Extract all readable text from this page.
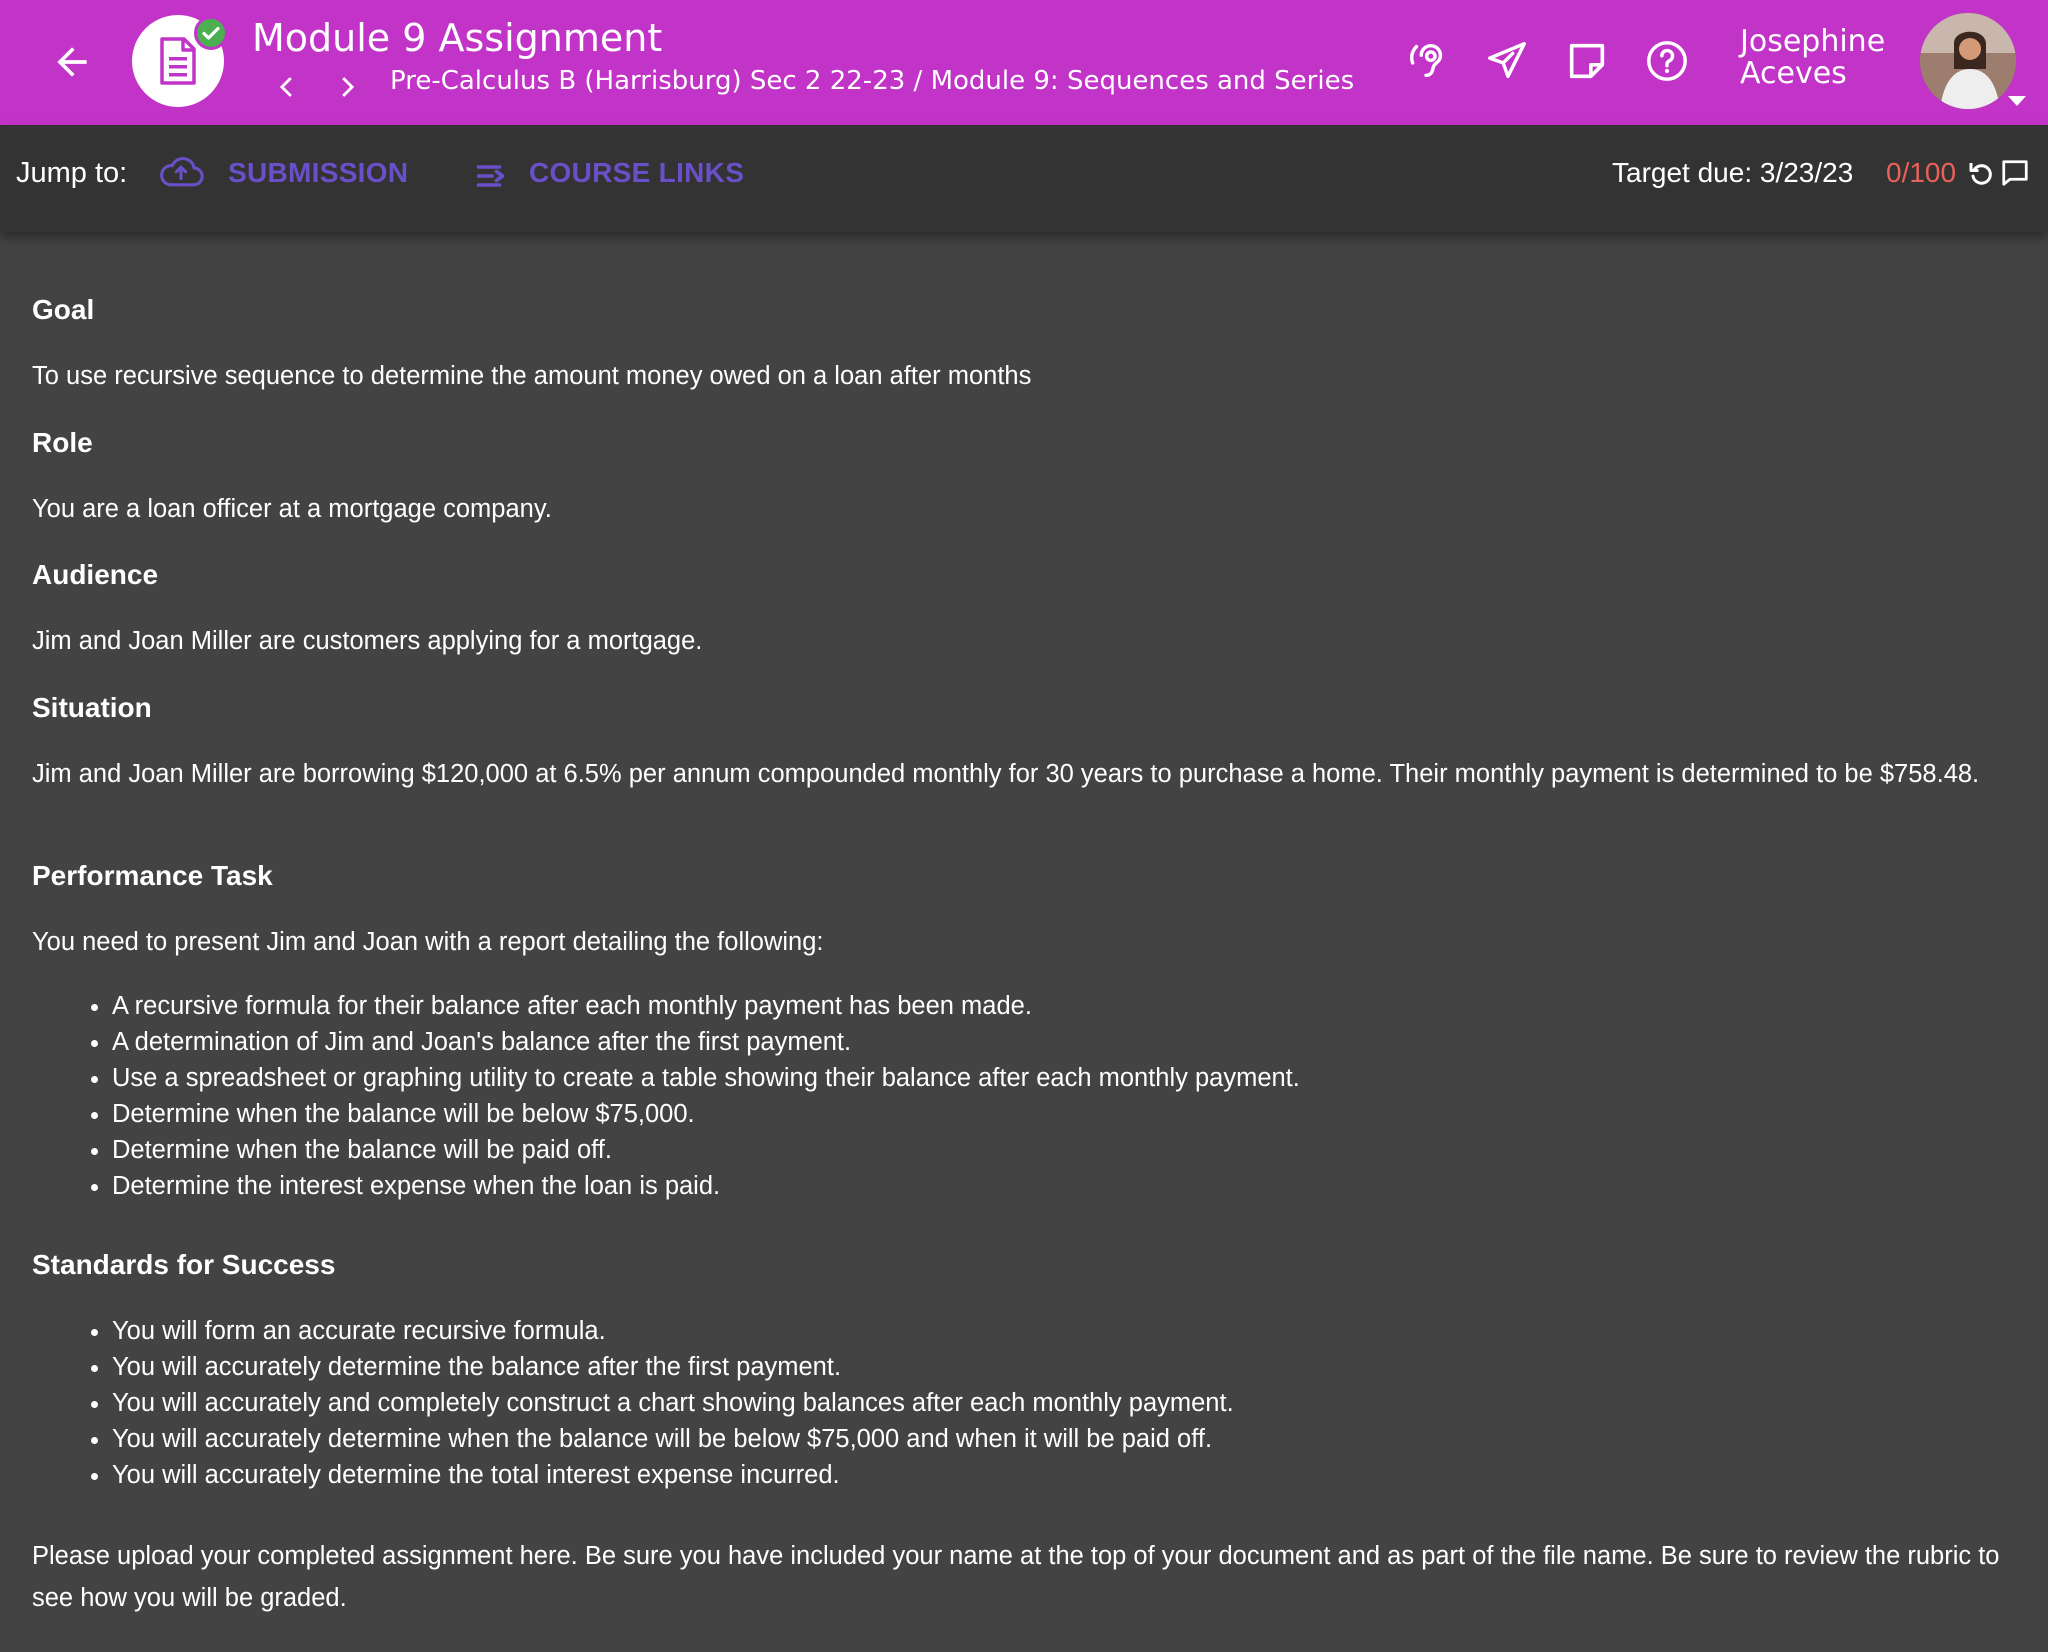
Module 9 Assignment
Pre-Calculus B (Harrisburg) Sec 2 22-23 / Module 9: Sequences and Series
Josephine
Aceves
Jump to:	SUBMISSION	COURSE LINKS	Target due: 3/23/23 0/100
Goal

To use recursive sequence to determine the amount money owed on a loan after months

Role

You are a loan officer at a mortgage company.

Audience

Jim and Joan Miller are customers applying for a mortgage.

Situation

Jim and Joan Miller are borrowing $120,000 at 6.5% per annum compounded monthly for 30 years to purchase a home. Their monthly payment is determined to be $758.48.

Performance Task

You need to present Jim and Joan with a report detailing the following:

• A recursive formula for their balance after each monthly payment has been made.
• A determination of Jim and Joan's balance after the first payment.
• Use a spreadsheet or graphing utility to create a table showing their balance after each monthly payment.
• Determine when the balance will be below $75,000.
• Determine when the balance will be paid off.
• Determine the interest expense when the loan is paid.
Standards for Success
• You will form an accurate recursive formula.
• You will accurately determine the balance after the first payment.
• You will accurately and completely construct a chart showing balances after each monthly payment.
• You will accurately determine when the balance will be below $75,000 and when it will be paid off.
• You will accurately determine the total interest expense incurred.

Please upload your completed assignment here. Be sure you have included your name at the top of your document and as part of the file name. Be sure to review the rubric to see how you will be graded.
